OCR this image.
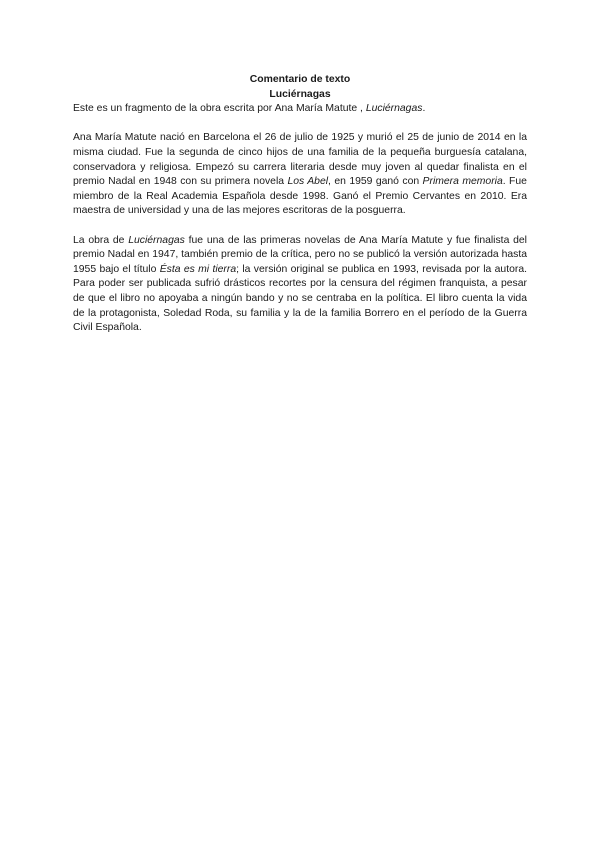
Comentario de texto
Luciérnagas

Este es un fragmento de la obra escrita por Ana María Matute , Luciérnagas.

Ana María Matute nació en Barcelona el 26 de julio de 1925 y murió el 25 de junio de 2014 en la misma ciudad. Fue la segunda de cinco hijos de una familia de la pequeña burguesía catalana, conservadora y religiosa. Empezó su carrera literaria desde muy joven al quedar finalista en el premio Nadal en 1948 con su primera novela Los Abel, en 1959 ganó con Primera memoria. Fue miembro de la Real Academia Española desde 1998. Ganó el Premio Cervantes en 2010. Era maestra de universidad y una de las mejores escritoras de la posguerra.

La obra de Luciérnagas fue una de las primeras novelas de Ana María Matute y fue finalista del premio Nadal en 1947, también premio de la crítica, pero no se publicó la versión autorizada hasta 1955 bajo el título Ésta es mi tierra; la versión original se publica en 1993, revisada por la autora. Para poder ser publicada sufrió drásticos recortes por la censura del régimen franquista, a pesar de que el libro no apoyaba a ningún bando y no se centraba en la política. El libro cuenta la vida de la protagonista, Soledad Roda, su familia y la de la familia Borrero en el período de la Guerra Civil Española.
